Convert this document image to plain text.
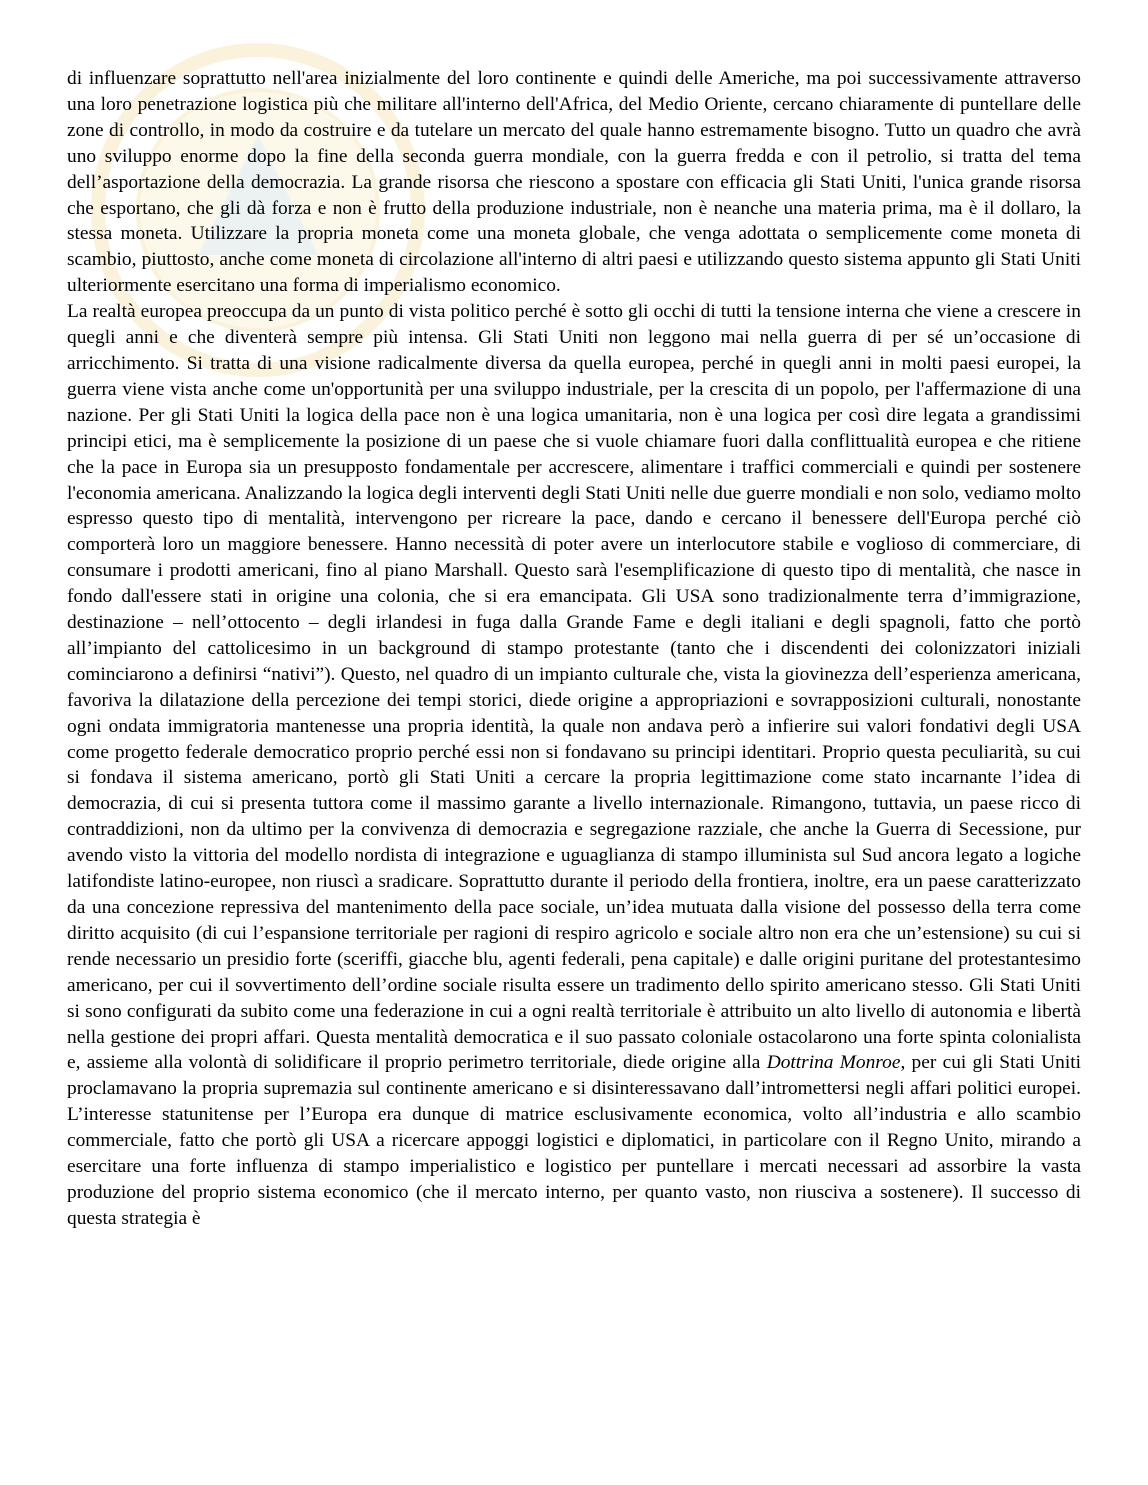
di influenzare soprattutto nell'area inizialmente del loro continente e quindi delle Americhe, ma poi successivamente attraverso una loro penetrazione logistica più che militare all'interno dell'Africa, del Medio Oriente, cercano chiaramente di puntellare delle zone di controllo, in modo da costruire e da tutelare un mercato del quale hanno estremamente bisogno. Tutto un quadro che avrà uno sviluppo enorme dopo la fine della seconda guerra mondiale, con la guerra fredda e con il petrolio, si tratta del tema dell’asportazione della democrazia. La grande risorsa che riescono a spostare con efficacia gli Stati Uniti, l'unica grande risorsa che esportano, che gli dà forza e non è frutto della produzione industriale, non è neanche una materia prima, ma è il dollaro, la stessa moneta. Utilizzare la propria moneta come una moneta globale, che venga adottata o semplicemente come moneta di scambio, piuttosto, anche come moneta di circolazione all'interno di altri paesi e utilizzando questo sistema appunto gli Stati Uniti ulteriormente esercitano una forma di imperialismo economico.

La realtà europea preoccupa da un punto di vista politico perché è sotto gli occhi di tutti la tensione interna che viene a crescere in quegli anni e che diventerà sempre più intensa. Gli Stati Uniti non leggono mai nella guerra di per sé un’occasione di arricchimento. Si tratta di una visione radicalmente diversa da quella europea, perché in quegli anni in molti paesi europei, la guerra viene vista anche come un'opportunità per una sviluppo industriale, per la crescita di un popolo, per l'affermazione di una nazione. Per gli Stati Uniti la logica della pace non è una logica umanitaria, non è una logica per così dire legata a grandissimi principi etici, ma è semplicemente la posizione di un paese che si vuole chiamare fuori dalla conflittualità europea e che ritiene che la pace in Europa sia un presupposto fondamentale per accrescere, alimentare i traffici commerciali e quindi per sostenere l'economia americana. Analizzando la logica degli interventi degli Stati Uniti nelle due guerre mondiali e non solo, vediamo molto espresso questo tipo di mentalità, intervengono per ricreare la pace, dando e cercano il benessere dell'Europa perché ciò comporterà loro un maggiore benessere. Hanno necessità di poter avere un interlocutore stabile e voglioso di commerciare, di consumare i prodotti americani, fino al piano Marshall. Questo sarà l'esemplificazione di questo tipo di mentalità, che nasce in fondo dall'essere stati in origine una colonia, che si era emancipata. Gli USA sono tradizionalmente terra d’immigrazione, destinazione – nell’ottocento – degli irlandesi in fuga dalla Grande Fame e degli italiani e degli spagnoli, fatto che portò all’impianto del cattolicesimo in un background di stampo protestante (tanto che i discendenti dei colonizzatori iniziali cominciarono a definirsi “nativi”). Questo, nel quadro di un impianto culturale che, vista la giovinezza dell’esperienza americana, favoriva la dilatazione della percezione dei tempi storici, diede origine a appropriazioni e sovrapposizioni culturali, nonostante ogni ondata immigratoria mantenesse una propria identità, la quale non andava però a infierire sui valori fondativi degli USA come progetto federale democratico proprio perché essi non si fondavano su principi identitari. Proprio questa peculiarità, su cui si fondava il sistema americano, portò gli Stati Uniti a cercare la propria legittimazione come stato incarnante l’idea di democrazia, di cui si presenta tuttora come il massimo garante a livello internazionale. Rimangono, tuttavia, un paese ricco di contraddizioni, non da ultimo per la convivenza di democrazia e segregazione razziale, che anche la Guerra di Secessione, pur avendo visto la vittoria del modello nordista di integrazione e uguaglianza di stampo illuminista sul Sud ancora legato a logiche latifondiste latino-europee, non riuscì a sradicare. Soprattutto durante il periodo della frontiera, inoltre, era un paese caratterizzato da una concezione repressiva del mantenimento della pace sociale, un’idea mutuata dalla visione del possesso della terra come diritto acquisito (di cui l’espansione territoriale per ragioni di respiro agricolo e sociale altro non era che un’estensione) su cui si rende necessario un presidio forte (sceriffi, giacche blu, agenti federali, pena capitale) e dalle origini puritane del protestantesimo americano, per cui il sovvertimento dell’ordine sociale risulta essere un tradimento dello spirito americano stesso. Gli Stati Uniti si sono configurati da subito come una federazione in cui a ogni realtà territoriale è attribuito un alto livello di autonomia e libertà nella gestione dei propri affari. Questa mentalità democratica e il suo passato coloniale ostacolarono una forte spinta colonialista e, assieme alla volontà di solidificare il proprio perimetro territoriale, diede origine alla Dottrina Monroe, per cui gli Stati Uniti proclamavano la propria supremazia sul continente americano e si disinteressavano dall’intromettersi negli affari politici europei. L’interesse statunitense per l’Europa era dunque di matrice esclusivamente economica, volto all’industria e allo scambio commerciale, fatto che portò gli USA a ricercare appoggi logistici e diplomatici, in particolare con il Regno Unito, mirando a esercitare una forte influenza di stampo imperialistico e logistico per puntellare i mercati necessari ad assorbire la vasta produzione del proprio sistema economico (che il mercato interno, per quanto vasto, non riusciva a sostenere). Il successo di questa strategia è
